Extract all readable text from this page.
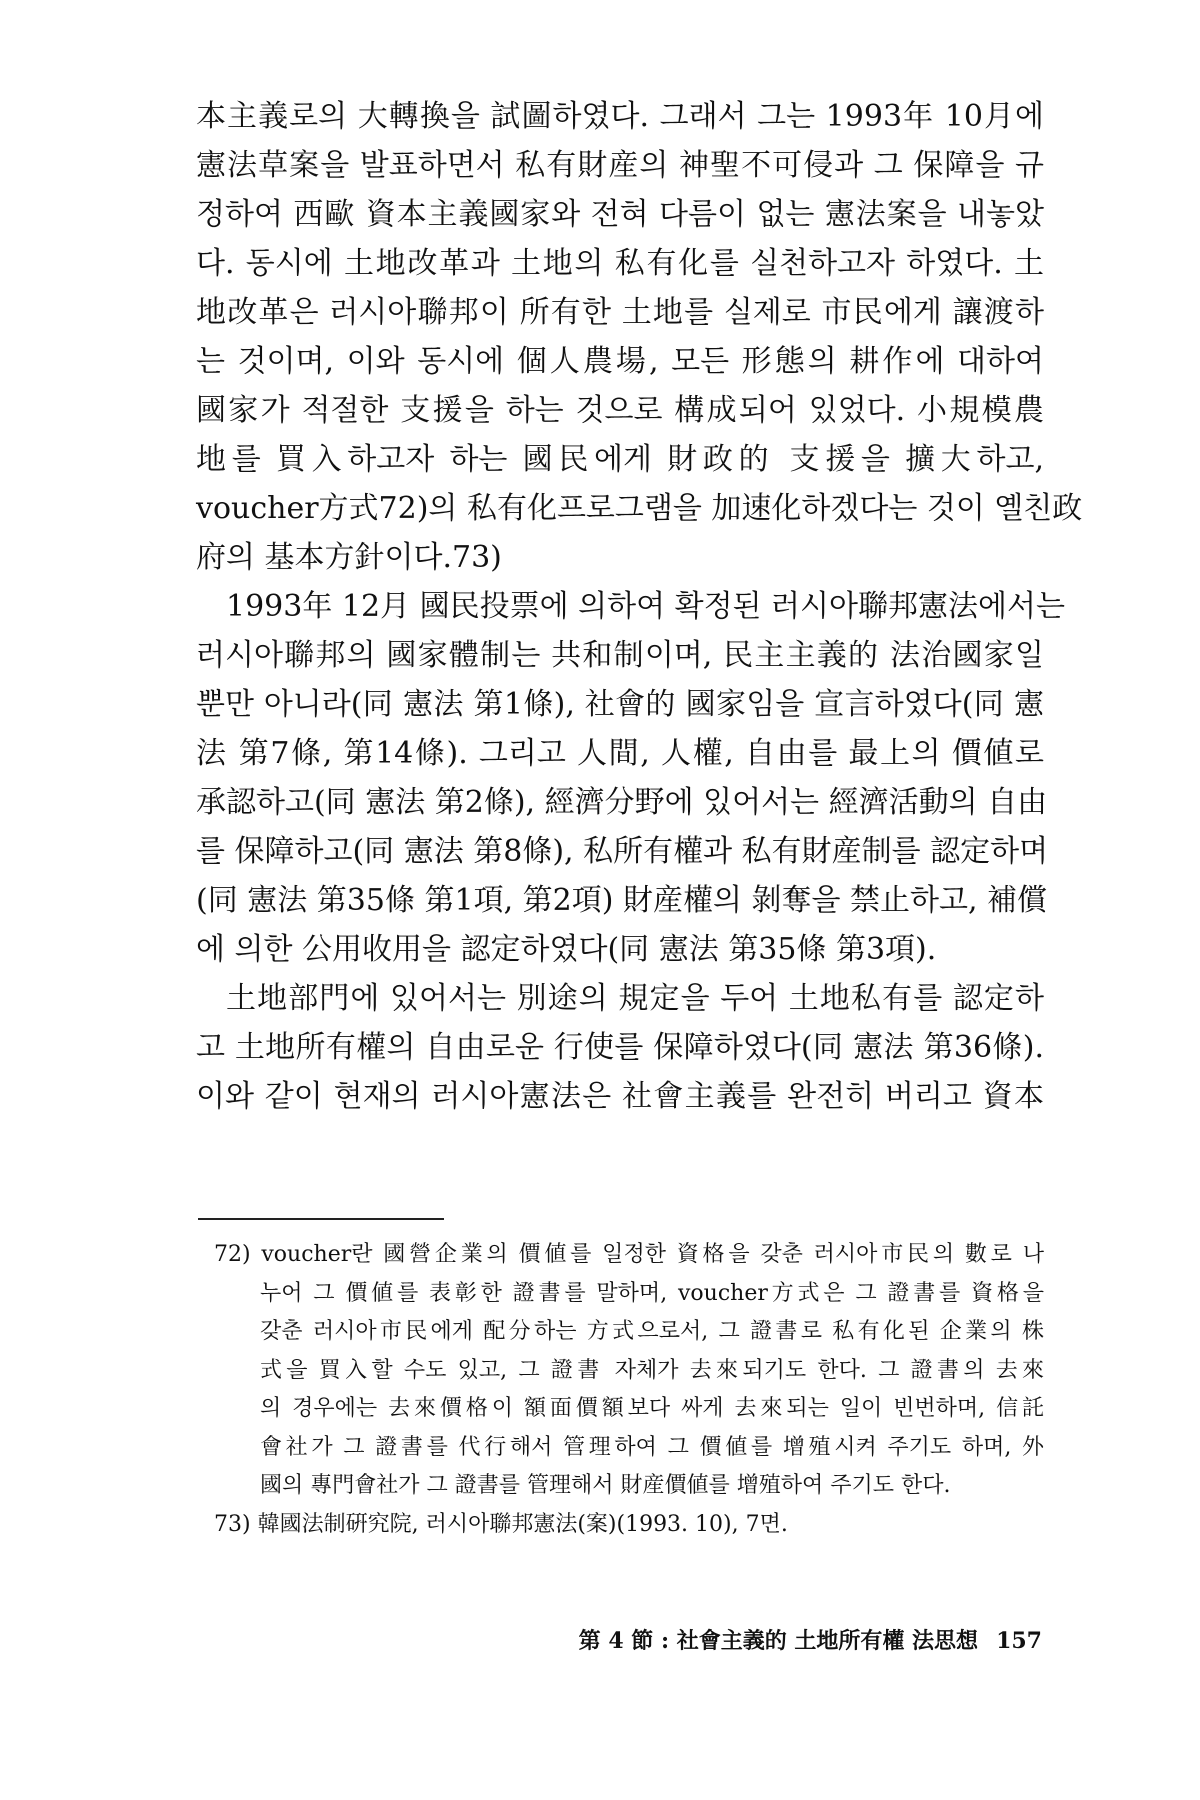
本主義로의 大轉換을 試圖하였다. 그래서 그는 1993年 10月에
憲法草案을 발표하면서 私有財産의 神聖不可侵과 그 保障을 규
정하여 西歐 資本主義國家와 전혀 다름이 없는 憲法案을 내놓았
다. 동시에 土地改革과 土地의 私有化를 실천하고자 하였다. 土
地改革은 러시아聯邦이 所有한 土地를 실제로 市民에게 讓渡하
는 것이며, 이와 동시에 個人農場, 모든 形態의 耕作에 대하여
國家가 적절한 支援을 하는 것으로 構成되어 있었다. 小規模農
地를 買入하고자 하는 國民에게 財政的 支援을 擴大하고,
voucher方式72)의 私有化프로그램을 加速化하겠다는 것이 옐친政
府의 基本方針이다.73)
1993年 12月 國民投票에 의하여 확정된 러시아聯邦憲法에서는
러시아聯邦의 國家體制는 共和制이며, 民主主義的 法治國家일
뿐만 아니라(同 憲法 第1條), 社會的 國家임을 宣言하였다(同 憲
法 第7條, 第14條). 그리고 人間, 人權, 自由를 最上의 價値로
承認하고(同 憲法 第2條), 經濟分野에 있어서는 經濟活動의 自由
를 保障하고(同 憲法 第8條), 私所有權과 私有財産制를 認定하며
(同 憲法 第35條 第1項, 第2項) 財産權의 剝奪을 禁止하고, 補償
에 의한 公用收用을 認定하였다(同 憲法 第35條 第3項).
土地部門에 있어서는 別途의 規定을 두어 土地私有를 認定하
고 土地所有權의 自由로운 行使를 保障하였다(同 憲法 第36條).
이와 같이 현재의 러시아憲法은 社會主義를 완전히 버리고 資本
72) voucher란 國營企業의 價値를 일정한 資格을 갖춘 러시아市民의 數로 나
누어 그 價値를 表彰한 證書를 말하며, voucher方式은 그 證書를 資格을
갖춘 러시아市民에게 配分하는 方式으로서, 그 證書로 私有化된 企業의 株
式을 買入할 수도 있고, 그 證書 자체가 去來되기도 한다. 그 證書의 去來
의 경우에는 去來價格이 額面價額보다 싸게 去來되는 일이 빈번하며, 信託
會社가 그 證書를 代行해서 管理하여 그 價値를 增殖시켜 주기도 하며, 外
國의 專門會社가 그 證書를 管理해서 財産價値를 增殖하여 주기도 한다.
73) 韓國法制硏究院, 러시아聯邦憲法(案)(1993. 10), 7면.
第 4 節 : 社會主義的 土地所有權 法思想 157
